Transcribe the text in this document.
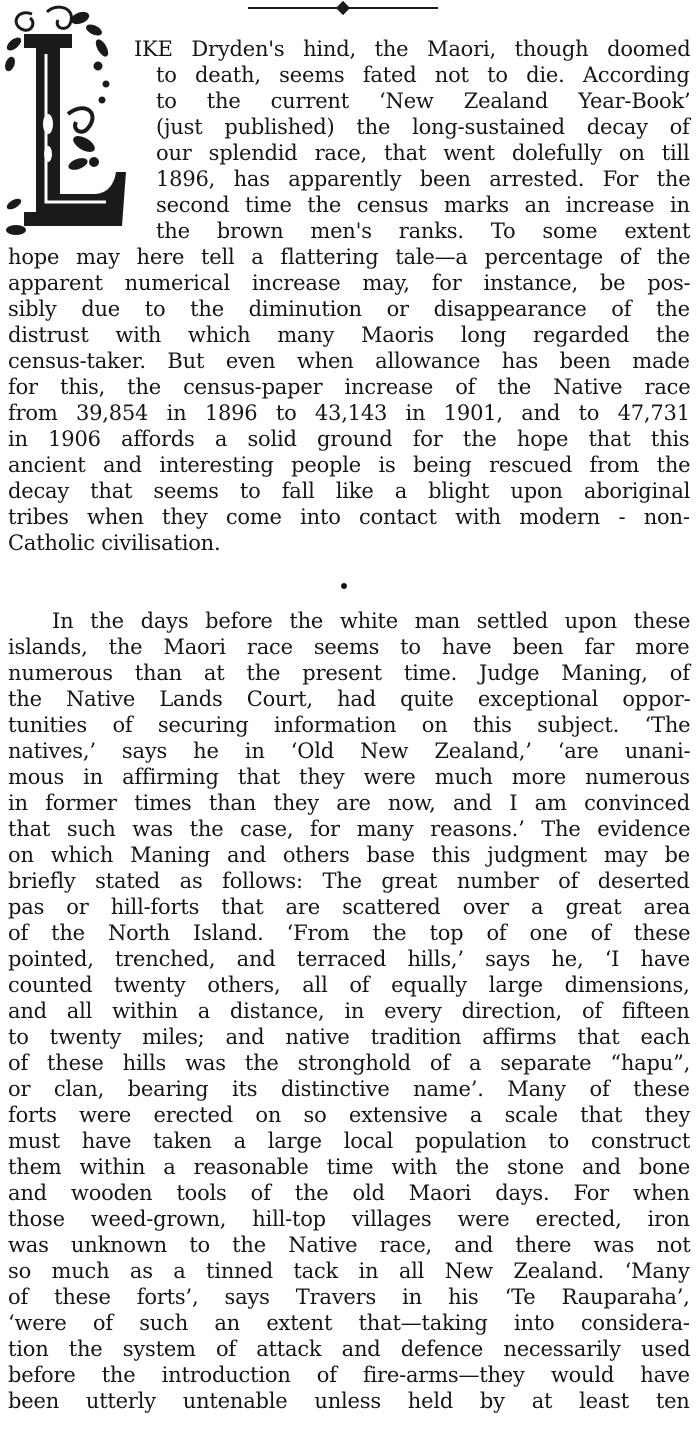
IKE Dryden's hind, the Maori, though doomed

to death, seems fated not to die. According

to the current ‘New Zealand Year-Book’

(just published) the long-sustained decay of

our splendid race, that went dolefully on till

1896, has apparently been arrested. For the

second time the census marks an increase in

the brown men's ranks. To some extent

hope may here tell a flattering tale—a percentage of the

apparent numerical increase may, for instance, be pos-

sibly due to the diminution or disappearance of the

distrust with which many Maoris long regarded the

census-taker. But even when allowance has been made

for this, the census-paper increase of the Native race

from 39,854 in 1896 to 43,143 in 1901, and to 47,731

in 1906 affords a solid ground for the hope that this

ancient and interesting people is being rescued from the

decay that seems to fall like a blight upon aboriginal

tribes when they come into contact with modern - non-

Catholic civilisation.

In the days before the white man settled upon these

islands, the Maori race seems to have been far more

numerous than at the present time. Judge Maning, of

the Native Lands Court, had quite exceptional oppor-

tunities of securing information on this subject. ‘The

natives,’ says he in ‘Old New Zealand,’ ‘are unani-

mous in affirming that they were much more numerous

in former times than they are now, and I am convinced

that such was the case, for many reasons.’ The evidence

on which Maning and others base this judgment may be

briefly stated as follows: The great number of deserted

pas or hill-forts that are scattered over a great area

of the North Island. ‘From the top of one of these

pointed, trenched, and terraced hills,’ says he, ‘I have

counted twenty others, all of equally large dimensions,

and all within a distance, in every direction, of fifteen

to twenty miles; and native tradition affirms that each

of these hills was the stronghold of a separate “hapu”,

or clan, bearing its distinctive name’. Many of these

forts were erected on so extensive a scale that they

must have taken a large local population to construct

them within a reasonable time with the stone and bone

and wooden tools of the old Maori days. For when

those weed-grown, hill-top villages were erected, iron

was unknown to the Native race, and there was not

so much as a tinned tack in all New Zealand. ‘Many

of these forts’, says Travers in his ‘Te Rauparaha’,

‘were of such an extent that—taking into considera-

tion the system of attack and defence necessarily used

before the introduction of fire-arms—they would have

been utterly untenable unless held by at least ten
